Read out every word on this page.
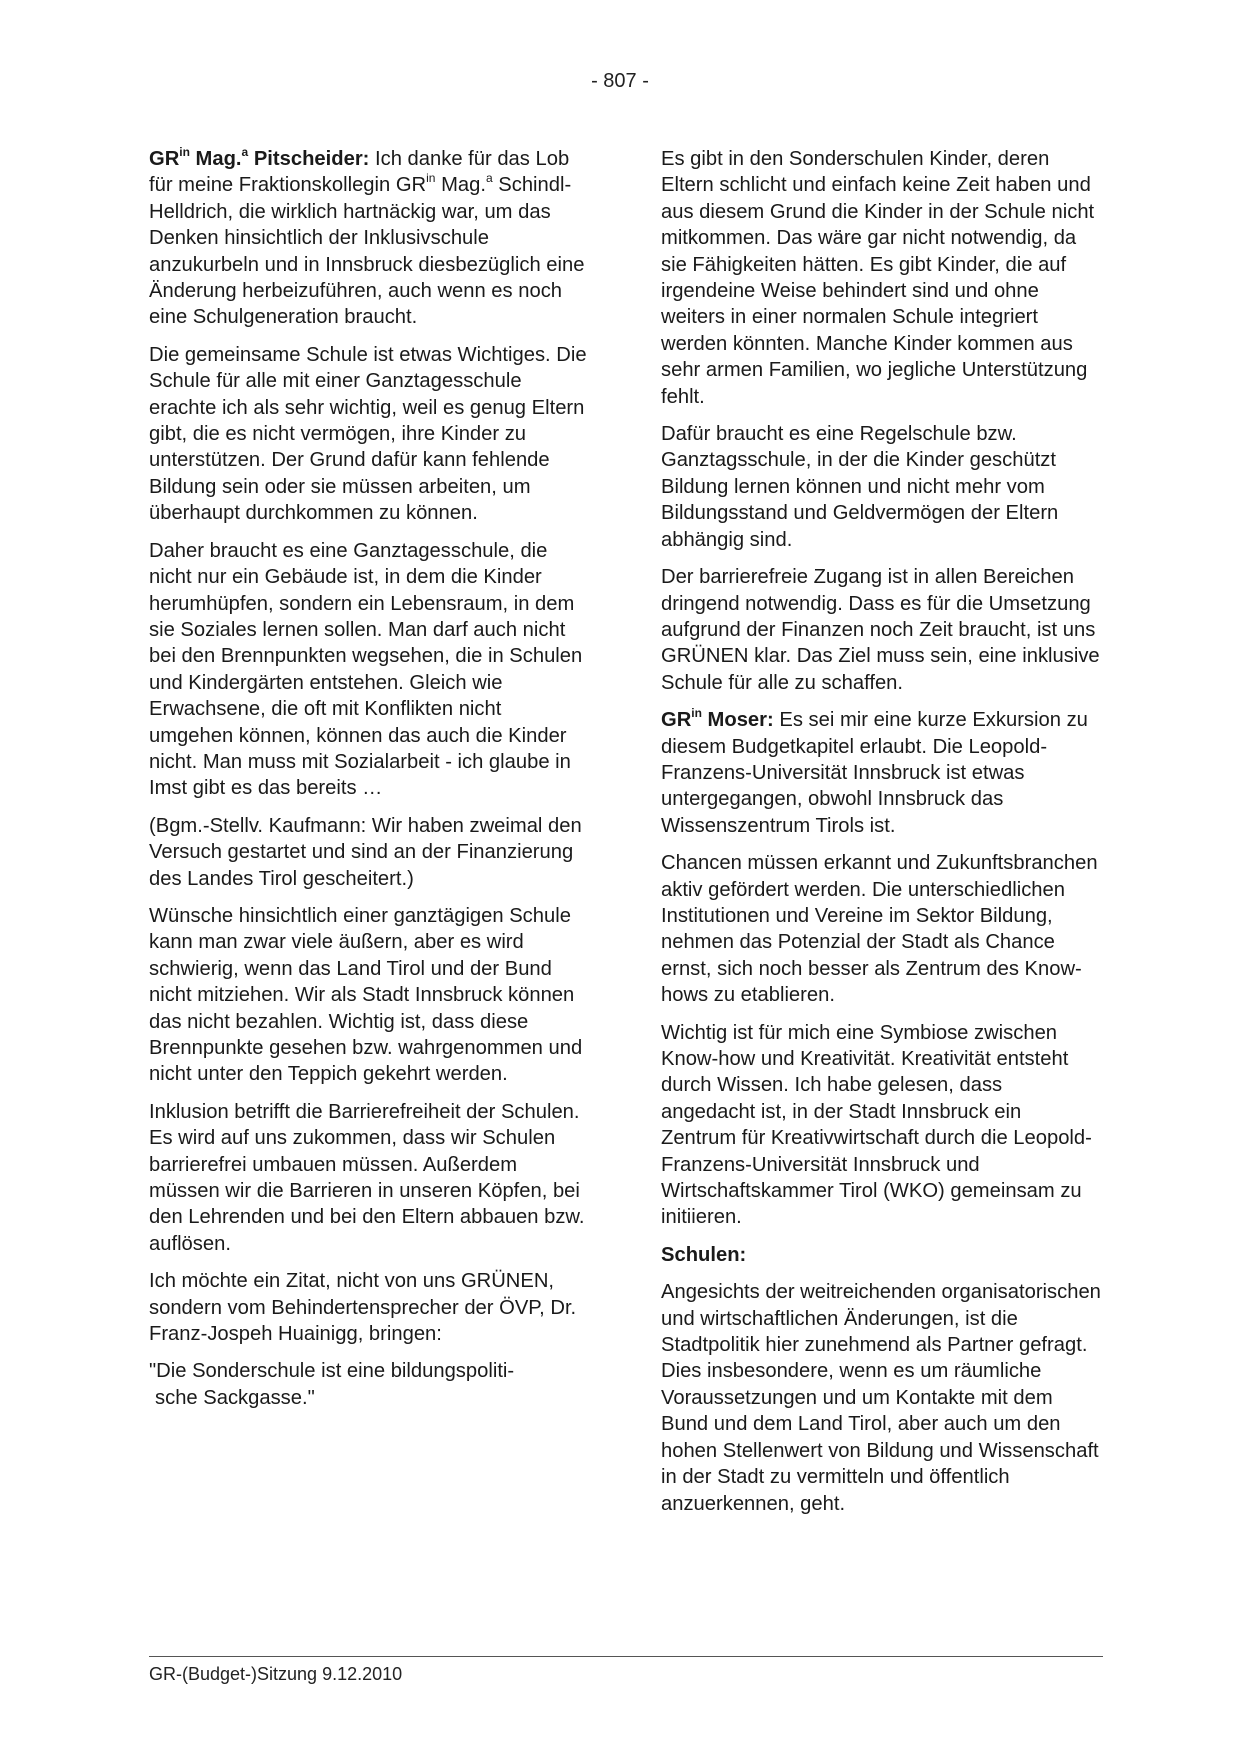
- 807 -

$GR^{in}$ Mag.$^a$ Pitscheider: Ich danke für das Lob für meine Fraktionskollegin $GR^{in}$ Mag.$^a$ Schindl-Helldrich, die wirklich hartnäckig war, um das Denken hinsichtlich der Inklusivschule anzukurbeln und in Innsbruck diesbezüglich eine Änderung herbeizuführen, auch wenn es noch eine Schulgeneration braucht.

Die gemeinsame Schule ist etwas Wichtiges. Die Schule für alle mit einer Ganztagesschule erachte ich als sehr wichtig, weil es genug Eltern gibt, die es nicht vermögen, ihre Kinder zu unterstützen. Der Grund dafür kann fehlende Bildung sein oder sie müssen arbeiten, um überhaupt durchkommen zu können.

Daher braucht es eine Ganztagesschule, die nicht nur ein Gebäude ist, in dem die Kinder herumhüpfen, sondern ein Lebensraum, in dem sie Soziales lernen sollen. Man darf auch nicht bei den Brennpunkten wegsehen, die in Schulen und Kindergärten entstehen. Gleich wie Erwachsene, die oft mit Konflikten nicht umgehen können, können das auch die Kinder nicht. Man muss mit Sozialarbeit - ich glaube in Imst gibt es das bereits …

(Bgm.-Stellv. Kaufmann: Wir haben zweimal den Versuch gestartet und sind an der Finanzierung des Landes Tirol gescheitert.)

Wünsche hinsichtlich einer ganztägigen Schule kann man zwar viele äußern, aber es wird schwierig, wenn das Land Tirol und der Bund nicht mitziehen. Wir als Stadt Innsbruck können das nicht bezahlen. Wichtig ist, dass diese Brennpunkte gesehen bzw. wahrgenommen und nicht unter den Teppich gekehrt werden.

Inklusion betrifft die Barrierefreiheit der Schulen. Es wird auf uns zukommen, dass wir Schulen barrierefrei umbauen müssen. Außerdem müssen wir die Barrieren in unseren Köpfen, bei den Lehrenden und bei den Eltern abbauen bzw. auflösen.

Ich möchte ein Zitat, nicht von uns GRÜNEN, sondern vom Behindertensprecher der ÖVP, Dr. Franz-Jospeh Huainigg, bringen:

"Die Sonderschule ist eine bildungspoliti-
sche Sackgasse."

Es gibt in den Sonderschulen Kinder, deren Eltern schlicht und einfach keine Zeit haben und aus diesem Grund die Kinder in der Schule nicht mitkommen. Das wäre gar nicht notwendig, da sie Fähigkeiten hätten. Es gibt Kinder, die auf irgendeine Weise behindert sind und ohne weiters in einer normalen Schule integriert werden könnten. Manche Kinder kommen aus sehr armen Familien, wo jegliche Unterstützung fehlt.

Dafür braucht es eine Regelschule bzw. Ganztagsschule, in der die Kinder geschützt Bildung lernen können und nicht mehr vom Bildungsstand und Geldvermögen der Eltern abhängig sind.

Der barrierefreie Zugang ist in allen Bereichen dringend notwendig. Dass es für die Umsetzung aufgrund der Finanzen noch Zeit braucht, ist uns GRÜNEN klar. Das Ziel muss sein, eine inklusive Schule für alle zu schaffen.

$GR^{in}$ Moser: Es sei mir eine kurze Exkursion zu diesem Budgetkapitel erlaubt. Die Leopold-Franzens-Universität Innsbruck ist etwas untergegangen, obwohl Innsbruck das Wissenszentrum Tirols ist.

Chancen müssen erkannt und Zukunftsbranchen aktiv gefördert werden. Die unterschiedlichen Institutionen und Vereine im Sektor Bildung, nehmen das Potenzial der Stadt als Chance ernst, sich noch besser als Zentrum des Know-hows zu etablieren.

Wichtig ist für mich eine Symbiose zwischen Know-how und Kreativität. Kreativität entsteht durch Wissen. Ich habe gelesen, dass angedacht ist, in der Stadt Innsbruck ein Zentrum für Kreativwirtschaft durch die Leopold-Franzens-Universität Innsbruck und Wirtschaftskammer Tirol (WKO) gemeinsam zu initiieren.

Schulen:

Angesichts der weitreichenden organisatorischen und wirtschaftlichen Änderungen, ist die Stadtpolitik hier zunehmend als Partner gefragt. Dies insbesondere, wenn es um räumliche Voraussetzungen und um Kontakte mit dem Bund und dem Land Tirol, aber auch um den hohen Stellenwert von Bildung und Wissenschaft in der Stadt zu vermitteln und öffentlich anzuerkennen, geht.

GR-(Budget-)Sitzung 9.12.2010
